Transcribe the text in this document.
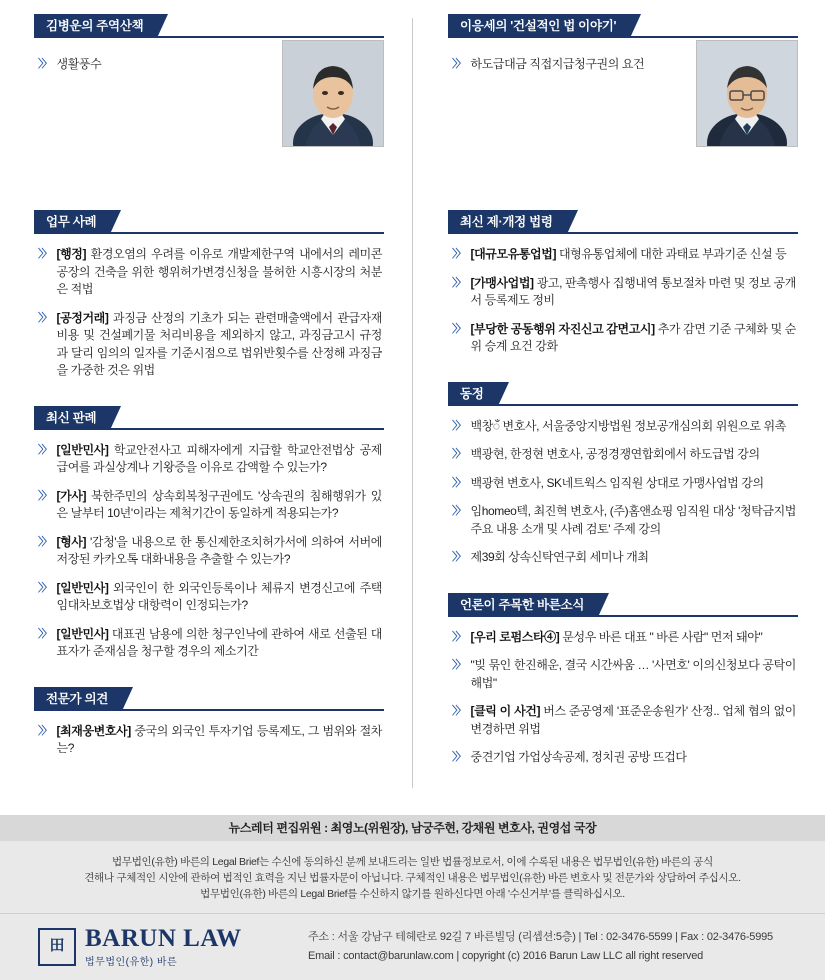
김병운의 주역산책
〉〉 생활풍수
업무 사례
〉〉 [행정] 환경오염의 우려를 이유로 개발제한구역 내에서의 레미콘 공장의 건축을 위한 행위허가변경신청을 불허한 시흥시장의 처분은 적법
〉〉 [공정거래] 과징금 산정의 기초가 되는 관련매출액에서 관급자재 비용 및 건설폐기물 처리비용을 제외하지 않고, 과징금고시 규정과 달리 임의의 일자를 기준시점으로 법위반횟수를 산정해 과징금을 가중한 것은 위법
최신 판례
〉〉 [일반민사] 학교안전사고 피해자에게 지급할 학교안전법상 공제 급여를 과실상계나 기왕증을 이유로 감액할 수 있는가?
〉〉 [가사] 북한주민의 상속회복청구권에도 '상속권의 침해행위가 있은 날부터 10년'이라는 제척기간이 동일하게 적용되는가?
〉〉 [형사] '감청'을 내용으로 한 통신제한조치허가서에 의하여 서버에 저장된 카카오톡 대화내용을 추출할 수 있는가?
〉〉 [일반민사] 외국인이 한 외국인등록이나 체류지 변경신고에 주택임대차보호법상 대항력이 인정되는가?
〉〉 [일반민사] 대표권 남용에 의한 청구인낙에 관하여 새로 선출된 대표자가 준재심을 청구할 경우의 제소기간
전문가 의견
〉〉 [최재웅변호사] 중국의 외국인 투자기업 등록제도, 그 범위와 절차는?
이응세의 '건설적인 법 이야기'
〉〉 하도급대금 직접지급청구권의 요건
최신 제·개정 법령
〉〉 [대규모유통업법] 대형유통업체에 대한 과태료 부과기준 신설 등
〉〉 [가맹사업법] 광고, 판촉행사 집행내역 통보절차 마련 및 정보 공개서 등록제도 정비
〉〉 [부당한 공동행위 자진신고 감면고시] 추가 감면 기준 구체화 및 순위 승계 요건 강화
동정
〉〉 백창ँ 변호사, 서울중앙지방법원 정보공개심의회 위원으로 위촉
〉〉 백광현, 한정현 변호사, 공정경쟁연합회에서 하도급법 강의
〉〉 백광현 변호사, SK네트웍스 임직원 상대로 가맹사업법 강의
〉〉 임homeo텍, 최진혁 변호사, (주)홈앤쇼핑 임직원 대상 '청탁금지법 주요 내용 소개 및 사례 검토' 주제 강의
〉〉 제39회 상속신탁연구회 세미나 개최
언론이 주목한 바른소식
〉〉 [우리 로펌스타④] 문성우 바른 대표 " 바른 사람" 먼저 돼야"
〉〉 "빚 묶인 한진해운, 결국 시간싸움 … '사면호' 이의신청보다 공탁이 해법"
〉〉 [클릭 이 사건] 버스 준공영제 '표준운송원가' 산정.. 업체 협의 없이 변경하면 위법
〉〉 중견기업 가업상속공제, 정치권 공방 뜨겁다
뉴스레터 편집위원 : 최영노(위원장), 남궁주현, 강채원 변호사, 권영섭 국장
법무법인(유한) 바른의 Legal Brief는 수신에 동의하신 분께 보내드리는 일반 법률정보로서, 이에 수록된 내용은 법무법인(유한) 바른의 공식
견해나 구체적인 시안에 관하여 법적인 효력을 지닌 법률자문이 아닙니다. 구체적인 내용은 법무법인(유한) 바른 변호사 및 전문가와 상담하여 주십시오.
법무법인(유한) 바른의 Legal Brief를 수신하지 않기를 원하신다면 아래 '수신거부'를 클릭하십시오.
田 BARUN LAW
법무법인(유한) 바른
주소 : 서울 강남구 테헤란로 92길 7 바른빌딩 (리셉션:5층) | Tel : 02-3476-5599 | Fax : 02-3476-5995
Email : contact@barunlaw.com | copyright (c) 2016 Barun Law LLC all right reserved
